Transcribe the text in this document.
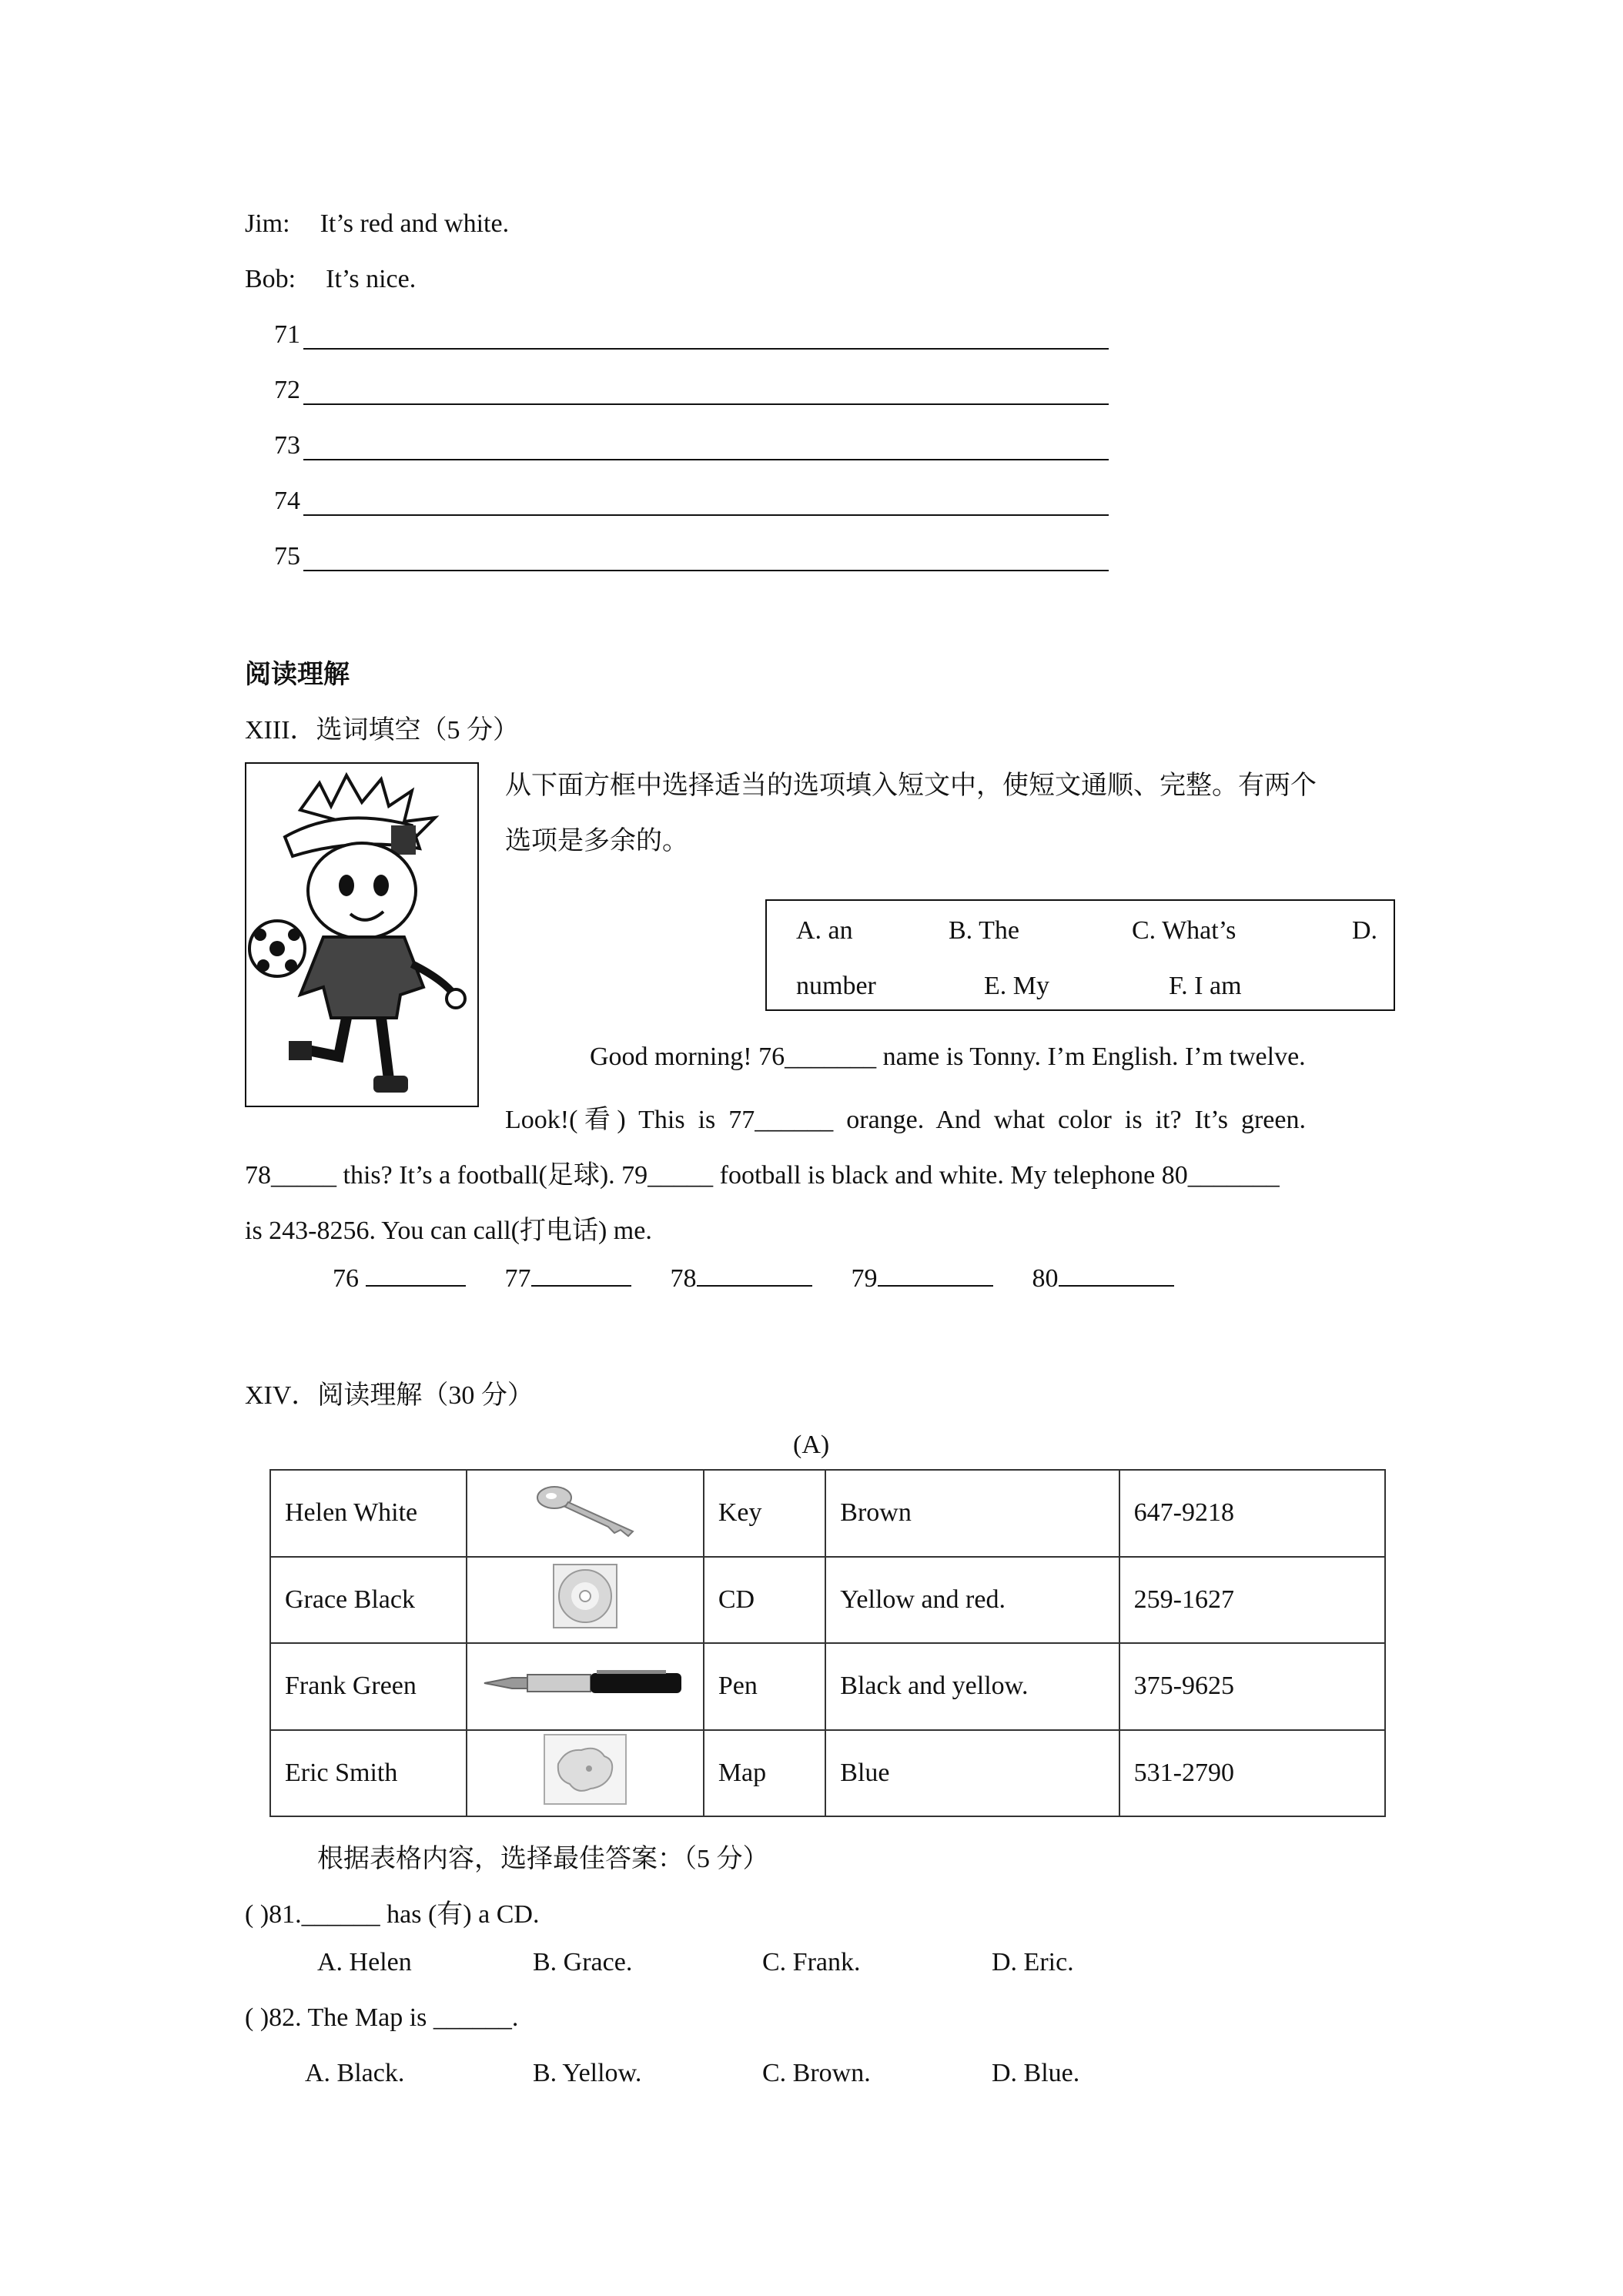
Jim: It’s red and white.
Bob: It’s nice.
71
72
73
74
75
阅读理解
XIII．选词填空（5 分）
从下面方框中选择适当的选项填入短文中，使短文通顺、完整。有两个
选项是多余的。
A. an	B. The	C. What’s	D.
number	E. My	F. I am
Good morning! 76_______ name is Tonny. I’m English. I’m twelve.
Look!( 看 )  This  is  77______  orange.  And  what  color  is  it?  It’s  green.
78_____ this? It’s a football(足球). 79_____ football is black and white. My telephone 80_______
is 243-8256. You can call(打电话) me.
76	77	78	79	80
XIV．阅读理解（30 分）
(A)
Helen White		Key	Brown	647-9218
Grace Black		CD	Yellow and red.	259-1627
Frank Green		Pen	Black and yellow.	375-9625
Eric Smith		Map	Blue	531-2790
根据表格内容，选择最佳答案：（5 分）
( )81.______ has (有) a CD.
A. Helen	B. Grace.	C. Frank.	D. Eric.
( )82. The Map is ______.
A. Black.	B. Yellow.	C. Brown.	D. Blue.
